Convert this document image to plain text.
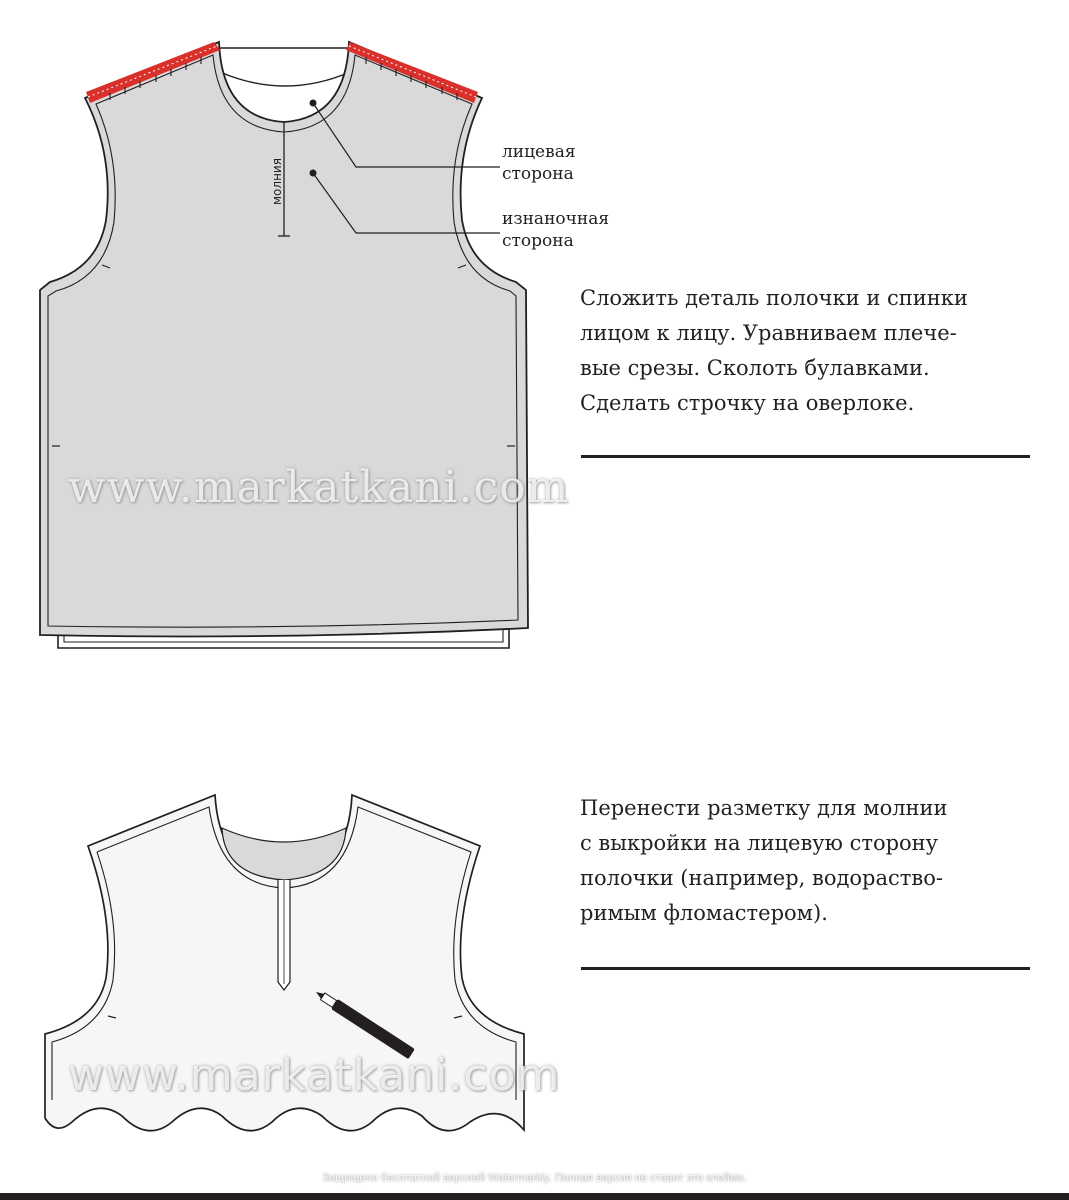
молния
лицевая
сторона
изнаночная
сторона
Сложить деталь полочки и спинки
лицом к лицу. Уравниваем плече-
вые срезы. Сколоть булавками.
Сделать строчку на оверлоке.
www.markatkani.com
Перенести разметку для молнии
с выкройки на лицевую сторону
полочки (например, водораство-
римым фломастером).
www.markatkani.com
Защищено бесплатной версией Watermarkly. Полная версия не ставит это клеймо.
